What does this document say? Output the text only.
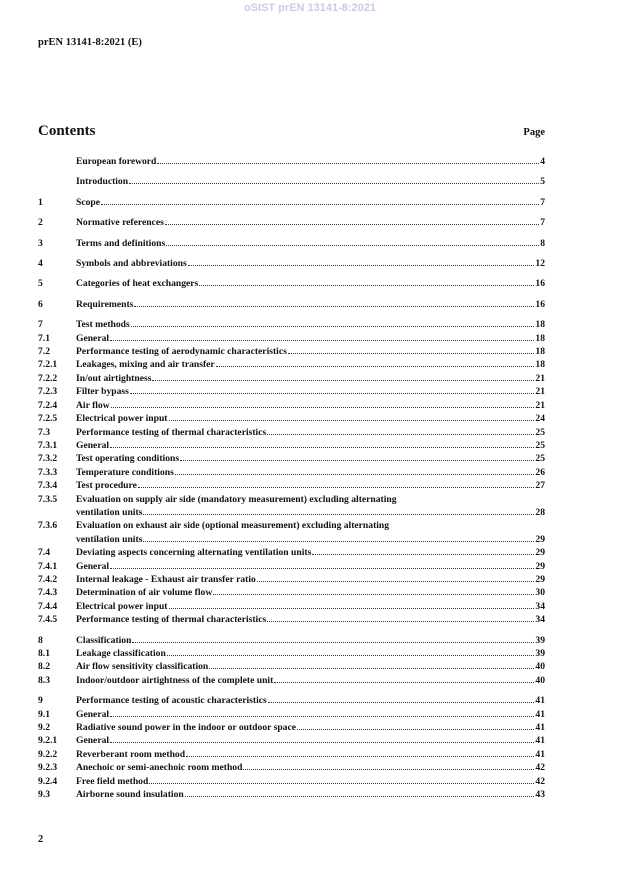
oSIST prEN 13141-8:2021
prEN 13141-8:2021 (E)
Contents	Page
European foreword	4
Introduction	5
1	Scope	7
2	Normative references	7
3	Terms and definitions	8
4	Symbols and abbreviations	12
5	Categories of heat exchangers	16
6	Requirements	16
7	Test methods	18
7.1	General	18
7.2	Performance testing of aerodynamic characteristics	18
7.2.1	Leakages, mixing and air transfer	18
7.2.2	In/out airtightness	21
7.2.3	Filter bypass	21
7.2.4	Air flow	21
7.2.5	Electrical power input	24
7.3	Performance testing of thermal characteristics	25
7.3.1	General	25
7.3.2	Test operating conditions	25
7.3.3	Temperature conditions	26
7.3.4	Test procedure	27
7.3.5	Evaluation on supply air side (mandatory measurement) excluding alternating
ventilation units	28
7.3.6	Evaluation on exhaust air side (optional measurement) excluding alternating
ventilation units	29
7.4	Deviating aspects concerning alternating ventilation units	29
7.4.1	General	29
7.4.2	Internal leakage - Exhaust air transfer ratio	29
7.4.3	Determination of air volume flow	30
7.4.4	Electrical power input	34
7.4.5	Performance testing of thermal characteristics	34
8	Classification	39
8.1	Leakage classification	39
8.2	Air flow sensitivity classification	40
8.3	Indoor/outdoor airtightness of the complete unit	40
9	Performance testing of acoustic characteristics	41
9.1	General	41
9.2	Radiative sound power in the indoor or outdoor space	41
9.2.1	General	41
9.2.2	Reverberant room method	41
9.2.3	Anechoic or semi-anechoic room method	42
9.2.4	Free field method	42
9.3	Airborne sound insulation	43
2
